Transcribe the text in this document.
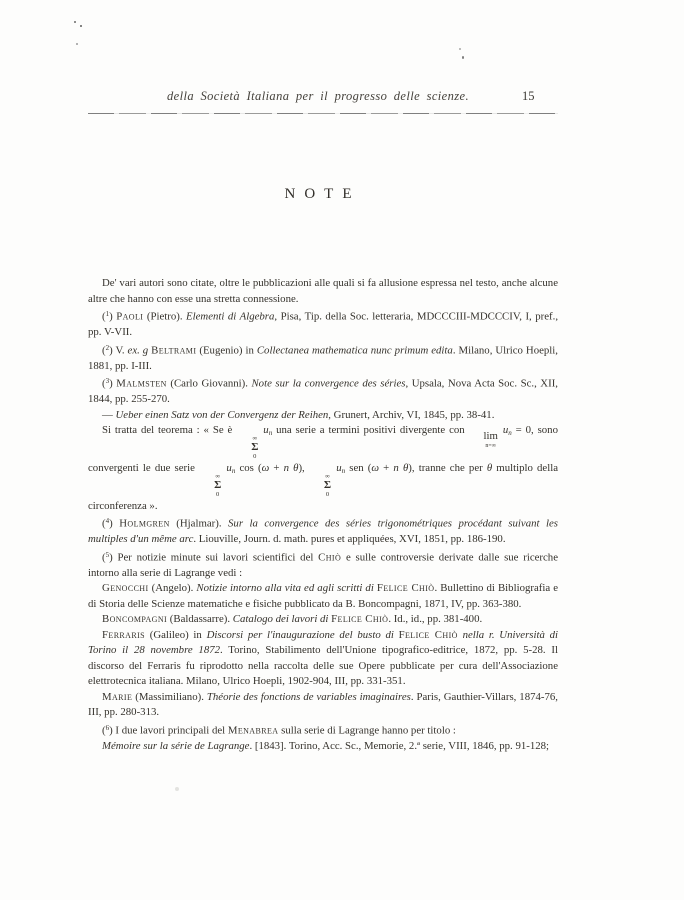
della Società Italiana per il progresso delle scienze.	15
NOTE

De' vari autori sono citate, oltre le pubblicazioni alle quali si fa allusione espressa nel testo, anche alcune altre che hanno con esse una stretta connessione.

($^1$) Paoli (Pietro). Elementi di Algebra, Pisa, Tip. della Soc. letteraria, MDCCCIII-MDCCCIV, I, pref., pp. V-VII.

($^2$) V. ex. g Beltrami (Eugenio) in Collectanea mathematica nunc primum edita. Milano, Ulrico Hoepli, 1881, pp. I-III.

($^3$) Malmsten (Carlo Giovanni). Note sur la convergence des séries, Upsala, Nova Acta Soc. Sc., XII, 1844, pp. 255-270.

— Ueber einen Satz von der Convergenz der Reihen, Grunert, Archiv, VI, 1845, pp. 38-41.

Si tratta del teorema : « Se è
∞
Σ
0
un una serie a termini positivi divergente con	lim
n=∞
un = 0, sono convergenti le due serie
∞
Σ
0
un cos (ω + n θ),
∞
Σ
0
un sen (ω + n θ), tranne che per θ multiplo della circonferenza ».

($^4$) Holmgren (Hjalmar). Sur la convergence des séries trigonométriques procédant suivant les multiples d'un même arc. Liouville, Journ. d. math. pures et appliquées, XVI, 1851, pp. 186-190.

($^5$) Per notizie minute sui lavori scientifici del Chiò e sulle controversie derivate dalle sue ricerche intorno alla serie di Lagrange vedi :

Genocchi (Angelo). Notizie intorno alla vita ed agli scritti di Felice Chiò. Bullettino di Bibliografia e di Storia delle Scienze matematiche e fisiche pubblicato da B. Boncompagni, 1871, IV, pp. 363-380.

Boncompagni (Baldassarre). Catalogo dei lavori di Felice Chiò. Id., id., pp. 381-400.

Ferraris (Galileo) in Discorsi per l'inaugurazione del busto di Felice Chiò nella r. Università di Torino il 28 novembre 1872. Torino, Stabilimento dell'Unione tipografico-editrice, 1872, pp. 5-28. Il discorso del Ferraris fu riprodotto nella raccolta delle sue Opere pubblicate per cura dell'Associazione elettrotecnica italiana. Milano, Ulrico Hoepli, 1902-904, III, pp. 331-351.

Marie (Massimiliano). Théorie des fonctions de variables imaginaires. Paris, Gauthier-Villars, 1874-76, III, pp. 280-313.

($^6$) I due lavori principali del Menabrea sulla serie di Lagrange hanno per titolo :

Mémoire sur la série de Lagrange. [1843]. Torino, Acc. Sc., Memorie, 2.ª serie, VIII, 1846, pp. 91-128;
